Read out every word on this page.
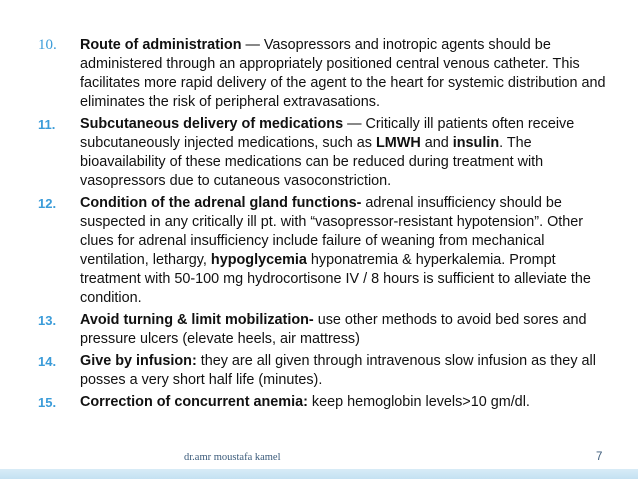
10.	Route of administration — Vasopressors and inotropic agents should be administered through an appropriately positioned central venous catheter. This facilitates more rapid delivery of the agent to the heart for systemic distribution and eliminates the risk of peripheral extravasations.
11.	Subcutaneous delivery of medications — Critically ill patients often receive subcutaneously injected medications, such as LMWH and insulin. The bioavailability of these medications can be reduced during treatment with vasopressors due to cutaneous vasoconstriction.
12.	Condition of the adrenal gland functions- adrenal insufficiency should be suspected in any critically ill pt. with “vasopressor-resistant hypotension”. Other clues for adrenal insufficiency include failure of weaning from mechanical ventilation, lethargy, hypoglycemia hyponatremia & hyperkalemia. Prompt treatment with 50-100 mg hydrocortisone IV / 8 hours is sufficient to alleviate the condition.
13.	Avoid turning & limit mobilization- use other methods to avoid bed sores and pressure ulcers (elevate heels, air mattress)
14.	Give by infusion: they are all given through intravenous slow infusion as they all posses a very short half life (minutes).
15.	Correction of concurrent anemia: keep hemoglobin levels>10 gm/dl.
dr.amr moustafa kamel	7
